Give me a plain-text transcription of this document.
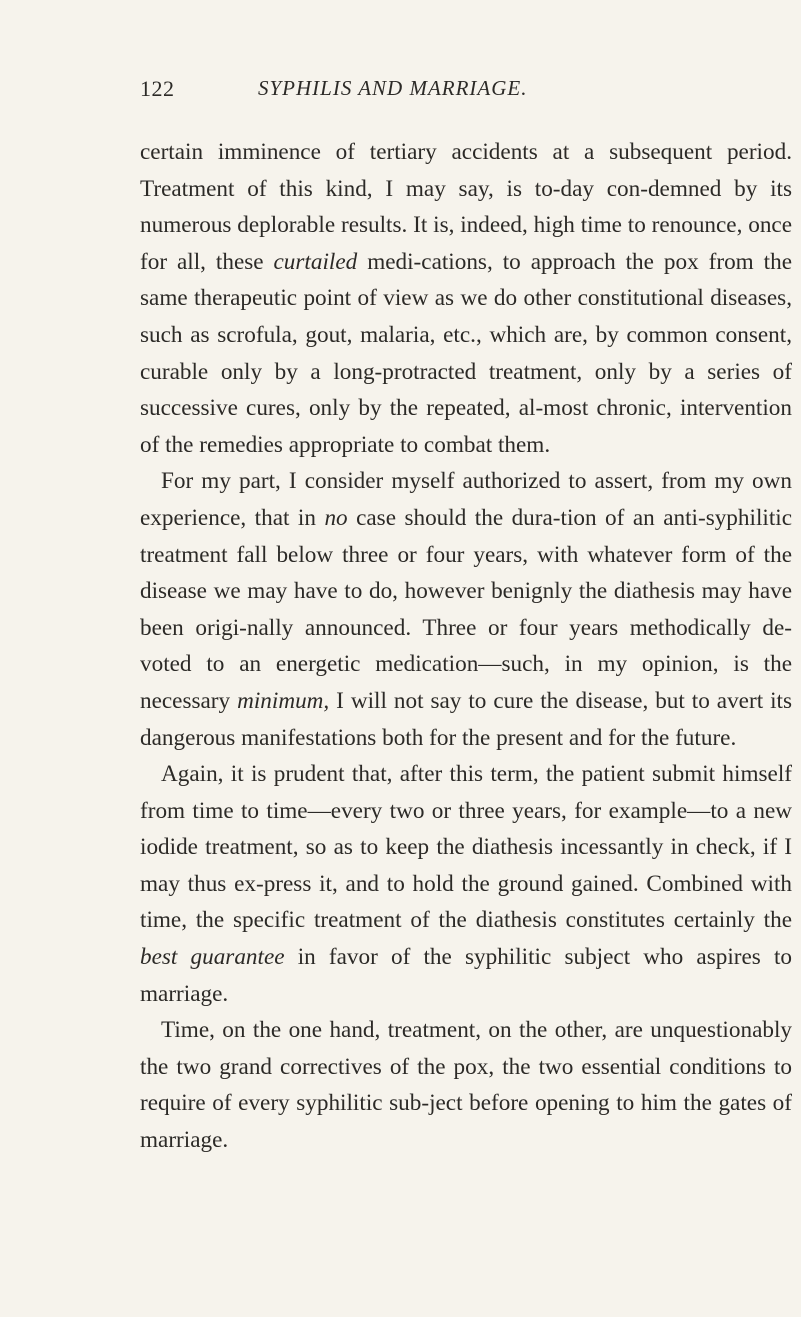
122	SYPHILIS AND MARRIAGE.

certain imminence of tertiary accidents at a subsequent period. Treatment of this kind, I may say, is to-day con-demned by its numerous deplorable results. It is, indeed, high time to renounce, once for all, these curtailed medi-cations, to approach the pox from the same therapeutic point of view as we do other constitutional diseases, such as scrofula, gout, malaria, etc., which are, by common consent, curable only by a long-protracted treatment, only by a series of successive cures, only by the repeated, al-most chronic, intervention of the remedies appropriate to combat them.

For my part, I consider myself authorized to assert, from my own experience, that in no case should the dura-tion of an anti-syphilitic treatment fall below three or four years, with whatever form of the disease we may have to do, however benignly the diathesis may have been origi-nally announced. Three or four years methodically de-voted to an energetic medication—such, in my opinion, is the necessary minimum, I will not say to cure the disease, but to avert its dangerous manifestations both for the present and for the future.

Again, it is prudent that, after this term, the patient submit himself from time to time—every two or three years, for example—to a new iodide treatment, so as to keep the diathesis incessantly in check, if I may thus ex-press it, and to hold the ground gained. Combined with time, the specific treatment of the diathesis constitutes certainly the best guarantee in favor of the syphilitic subject who aspires to marriage.

Time, on the one hand, treatment, on the other, are unquestionably the two grand correctives of the pox, the two essential conditions to require of every syphilitic sub-ject before opening to him the gates of marriage.
